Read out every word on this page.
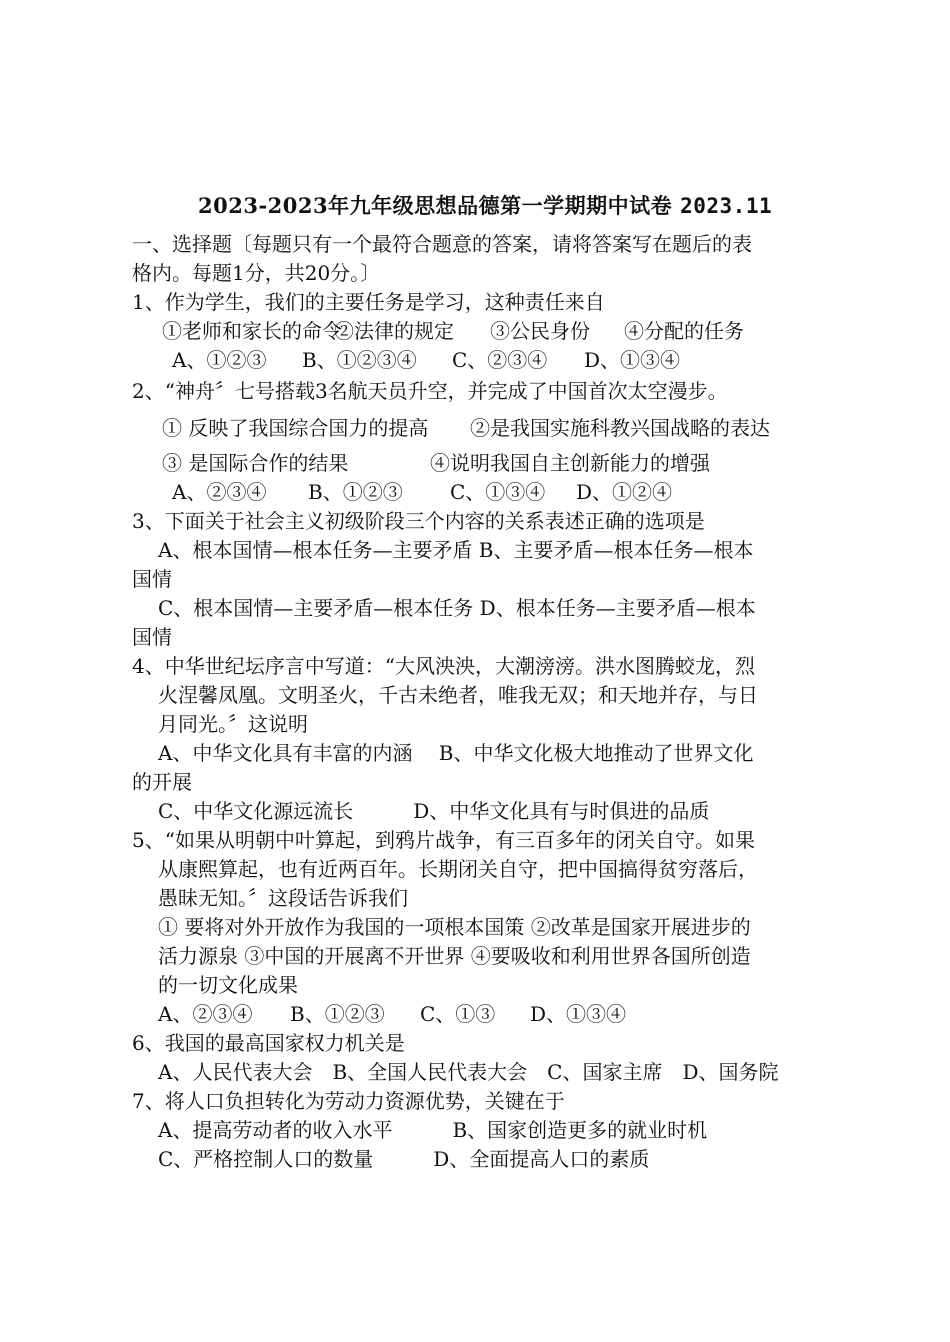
2023-2023年九年级思想品德第一学期期中试卷 2023.11
一、选择题〔每题只有一个最符合题意的答案，请将答案写在题后的表
格内。每题1分，共20分。〕
1、作为学生，我们的主要任务是学习，这种责任来自
①老师和家长的命令②法律的规定 ③公民身份 ④分配的任务
A、①②③ B、①②③④ C、②③④ D、①③④
2、“神舟〞七号搭载3名航天员升空，并完成了中国首次太空漫步。
① 反映了我国综合国力的提高 ②是我国实施科教兴国战略的表达
③ 是国际合作的结果	④说明我国自主创新能力的增强
A、②③④ B、①②③ C、①③④ D、①②④
3、下面关于社会主义初级阶段三个内容的关系表述正确的选项是
A、根本国情—根本任务—主要矛盾 B、主要矛盾—根本任务—根本
国情
C、根本国情—主要矛盾—根本任务 D、根本任务—主要矛盾—根本
国情
4、中华世纪坛序言中写道：“大风泱泱，大潮滂滂。洪水图腾蛟龙，烈
火涅馨凤凰。文明圣火，千古未绝者，唯我无双；和天地并存，与日
月同光。〞这说明
A、中华文化具有丰富的内涵　 B、中华文化极大地推动了世界文化
的开展
C、中华文化源远流长　　　D、中华文化具有与时俱进的品质
5、“如果从明朝中叶算起，到鸦片战争，有三百多年的闭关自守。如果
从康熙算起，也有近两百年。长期闭关自守，把中国搞得贫穷落后，
愚昧无知。〞这段话告诉我们
① 要将对外开放作为我国的一项根本国策 ②改革是国家开展进步的
活力源泉 ③中国的开展离不开世界 ④要吸收和利用世界各国所创造
的一切文化成果
A、②③④ B、①②③ C、①③ D、①③④
6、我国的最高国家权力机关是
A、人民代表大会　B、全国人民代表大会　C、国家主席　D、国务院
7、将人口负担转化为劳动力资源优势，关键在于
A、提高劳动者的收入水平　　　B、国家创造更多的就业时机
C、严格控制人口的数量　　　D、全面提高人口的素质
